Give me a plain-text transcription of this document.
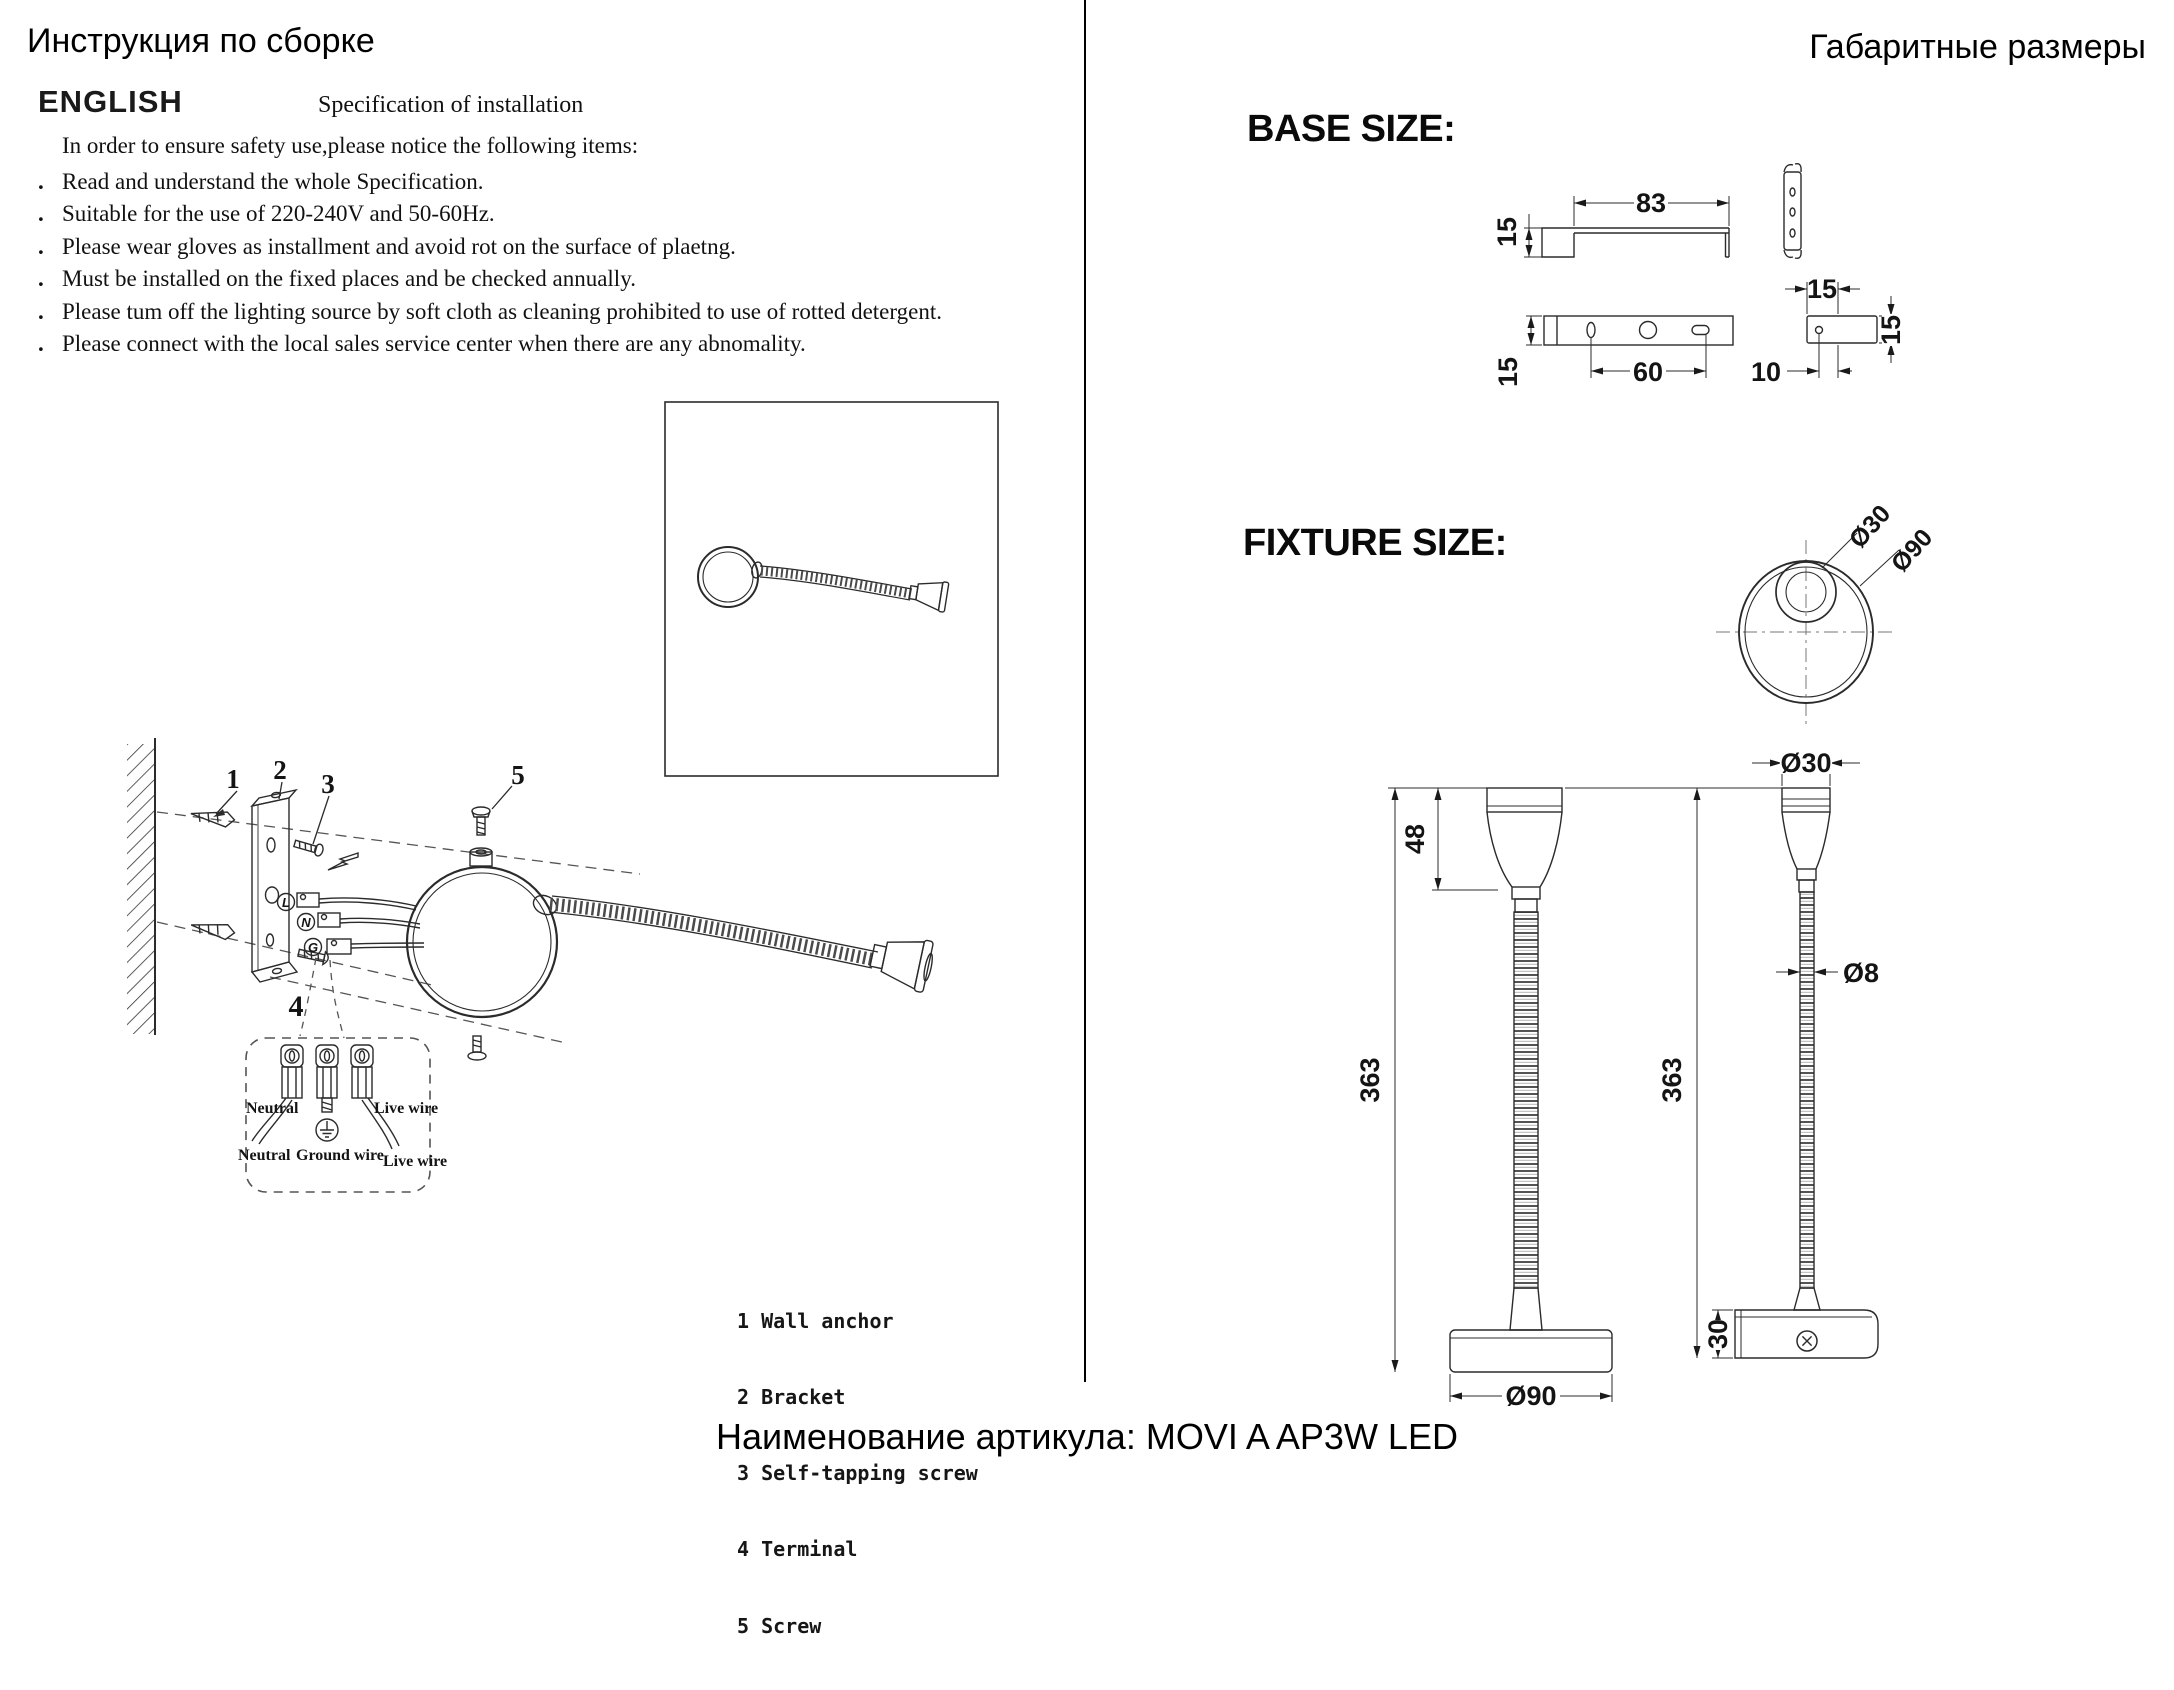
Инструкция по сборке
ENGLISH	Specification of installation
In order to ensure safety use,please notice the following items:
. Read and understand the whole Specification.
. Suitable for the use of 220-240V and 50-60Hz.
. Please wear gloves as installment and avoid rot on the surface of plaetng.
. Must be installed on the fixed places and be checked annually.
. Please tum off the lighting source by soft cloth as cleaning prohibited to use of rotted detergent.
. Please connect with the local sales service center when there are any abnomality.

1 Wall anchor

2 Bracket

3 Self-tapping screw

4 Terminal

5 Screw

Габаритные размеры
BASE SIZE:
FIXTURE SIZE:
Наименование артикула: MOVI A AP3W LED
1 2 3	5
4
L
N
G
Neutral	Live wire
Neutral Ground wire Live wire
15
83
15	60
15
15
10
Ø30
Ø90
48
363
Ø90
Ø30
Ø8
363
30
